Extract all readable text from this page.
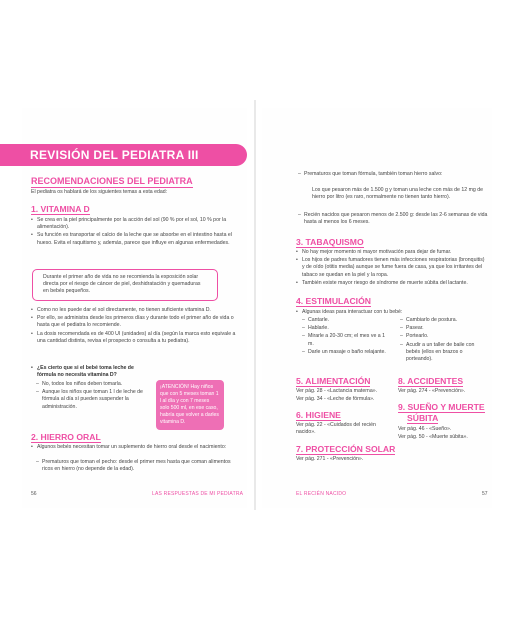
REVISIÓN DEL PEDIATRA III
RECOMENDACIONES DEL PEDIATRA
El pediatra os hablará de los siguientes temas a esta edad:
1. VITAMINA D
• Se crea en la piel principalmente por la acción del sol (90 % por el sol, 10 % por la alimentación).
• Su función es transportar el calcio de la leche que se absorbe en el intestino hasta el hueso. Evita el raquitismo y, además, parece que influye en algunas enfermedades.
Durante el primer año de vida no se recomienda la exposición solar directa por el riesgo de cáncer de piel, deshidratación y quemaduras en bebés pequeños.
• Como no les puede dar el sol directamente, no tienen suficiente vitamina D.
• Por ello, se administra desde los primeros días y durante todo el primer año de vida o hasta que el pediatra lo recomiende.
• La dosis recomendada es de 400 UI (unidades) al día (según la marca esto equivale a una cantidad distinta, revisa el prospecto o consulta a tu pediatra).
• ¿Es cierto que si el bebé toma leche de fórmula no necesita vitamina D?
– No, todos los niños deben tomarla.
– Aunque los niños que toman 1 l de leche de fórmula al día sí pueden suspender la administración.
¡ATENCIÓN! Hay niños que con 5 meses toman 1 l al día y con 7 meses solo 500 ml, en ese caso, habría que volver a darles vitamina D.
2. HIERRO ORAL
• Algunos bebés necesitan tomar un suplemento de hierro oral desde el nacimiento:
– Prematuros que toman el pecho: desde el primer mes hasta que coman alimentos ricos en hierro (no depende de la edad).
56	LAS RESPUESTAS DE MI PEDIATRA
– Prematuros que toman fórmula, también toman hierro salvo:
Los que pesaron más de 1.500 g y toman una leche con más de 12 mg de hierro por litro (es raro, normalmente no tienen tanto hierro).
– Recién nacidos que pesaron menos de 2.500 g: desde las 2-6 semanas de vida hasta al menos los 6 meses.
3. TABAQUISMO
• No hay mejor momento ni mayor motivación para dejar de fumar.
• Los hijos de padres fumadores tienen más infecciones respiratorias (bronquitis) y de oído (otitis media) aunque se fume fuera de casa, ya que los irritantes del tabaco se quedan en la piel y la ropa.
• También existe mayor riesgo de síndrome de muerte súbita del lactante.
4. ESTIMULACIÓN
• Algunas ideas para interactuar con tu bebé:
– Cantarle.
– Hablarle.
– Mirarle a 20-30 cm; el mes ve a 1 m.
– Darle un masaje o baño relajante.
– Cambiarlo de postura.
– Pasear.
– Portearlo.
– Acudir a un taller de baile con bebés (ellos en brazos o porteando).
5. ALIMENTACIÓN
Ver pág. 28 - «Lactancia materna».
Ver pág. 34 - «Leche de fórmula».
6. HIGIENE
Ver pág. 22 - «Cuidados del recién nacido».
7. PROTECCIÓN SOLAR
Ver pág. 271 - «Prevención».
8. ACCIDENTES
Ver pág. 274 - «Prevención».
9. SUEÑO Y MUERTE
SÚBITA
Ver pág. 46 - «Sueño».
Ver pág. 50 - «Muerte súbita».
EL RECIÉN NACIDO	57
